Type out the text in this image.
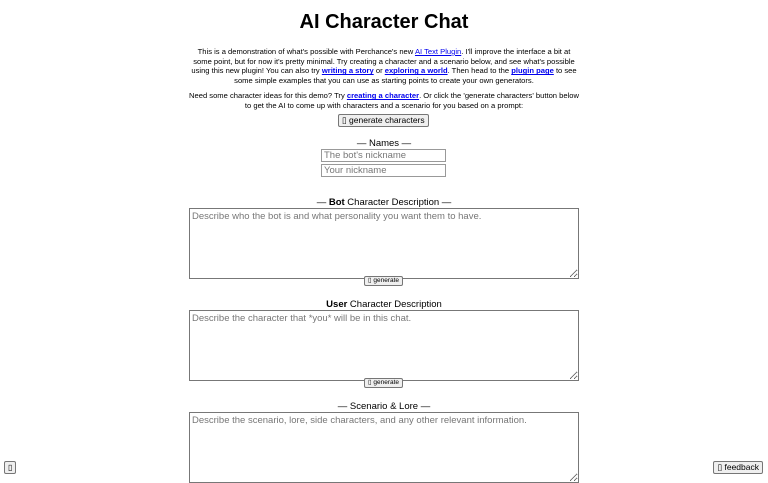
AI Character Chat

This is a demonstration of what's possible with Perchance's new AI Text Plugin. I'll improve the interface a bit at some point, but for now it's pretty minimal. Try creating a character and a scenario below, and see what's possible using this new plugin! You can also try writing a story or exploring a world. Then head to the plugin page to see some simple examples that you can use as starting points to create your own generators.

Need some character ideas for this demo? Try creating a character. Or click the 'generate characters' button below to get the AI to come up with characters and a scenario for you based on a prompt:

▯ generate characters
— Names —
The bot's nickname
Your nickname
— Bot Character Description —
Describe who the bot is and what personality you want them to have.
▯ generate
User Character Description
Describe the character that *you* will be in this chat.
▯ generate
— Scenario & Lore —
Describe the scenario, lore, side characters, and any other relevant information.
▯	▯ feedback
